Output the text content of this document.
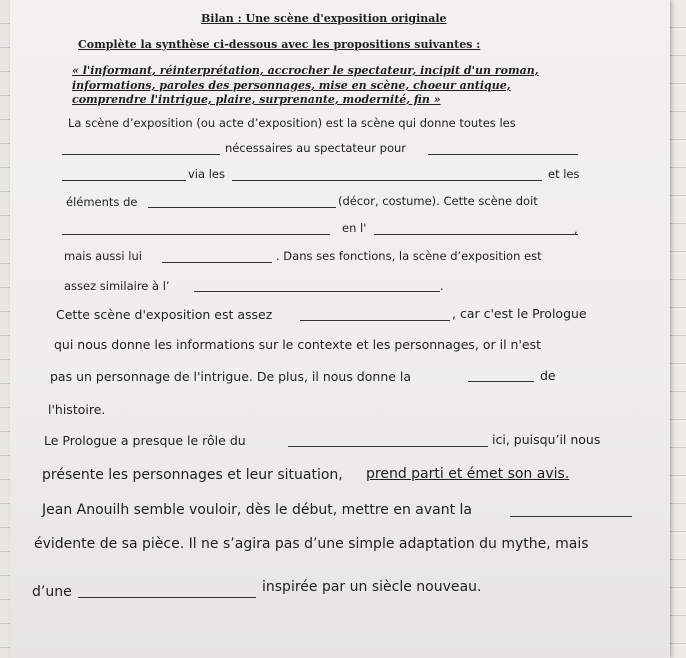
Bilan : Une scène d'exposition originale
Complète la synthèse ci-dessous avec les propositions suivantes :
« l'informant, réinterprétation, accrocher le spectateur, incipit d'un roman,
informations, paroles des personnages, mise en scène, choeur antique,
comprendre l'intrigue, plaire, surprenante, modernité, fin »
La scène d’exposition (ou acte d’exposition) est la scène qui donne toutes les
nécessaires au spectateur pour
via les	et les
éléments de	(décor, costume). Cette scène doit
en l'	,
mais aussi lui	. Dans ses fonctions, la scène d’exposition est
assez similaire à l’	.
Cette scène d'exposition est assez	, car c'est le Prologue
qui nous donne les informations sur le contexte et les personnages, or il n'est
pas un personnage de l'intrigue. De plus, il nous donne la	de
l'histoire.
Le Prologue a presque le rôle du	ici, puisqu’il nous
présente les personnages et leur situation, prend parti et émet son avis.
Jean Anouilh semble vouloir, dès le début, mettre en avant la
évidente de sa pièce. Il ne s’agira pas d’une simple adaptation du mythe, mais
d’une	inspirée par un siècle nouveau.
